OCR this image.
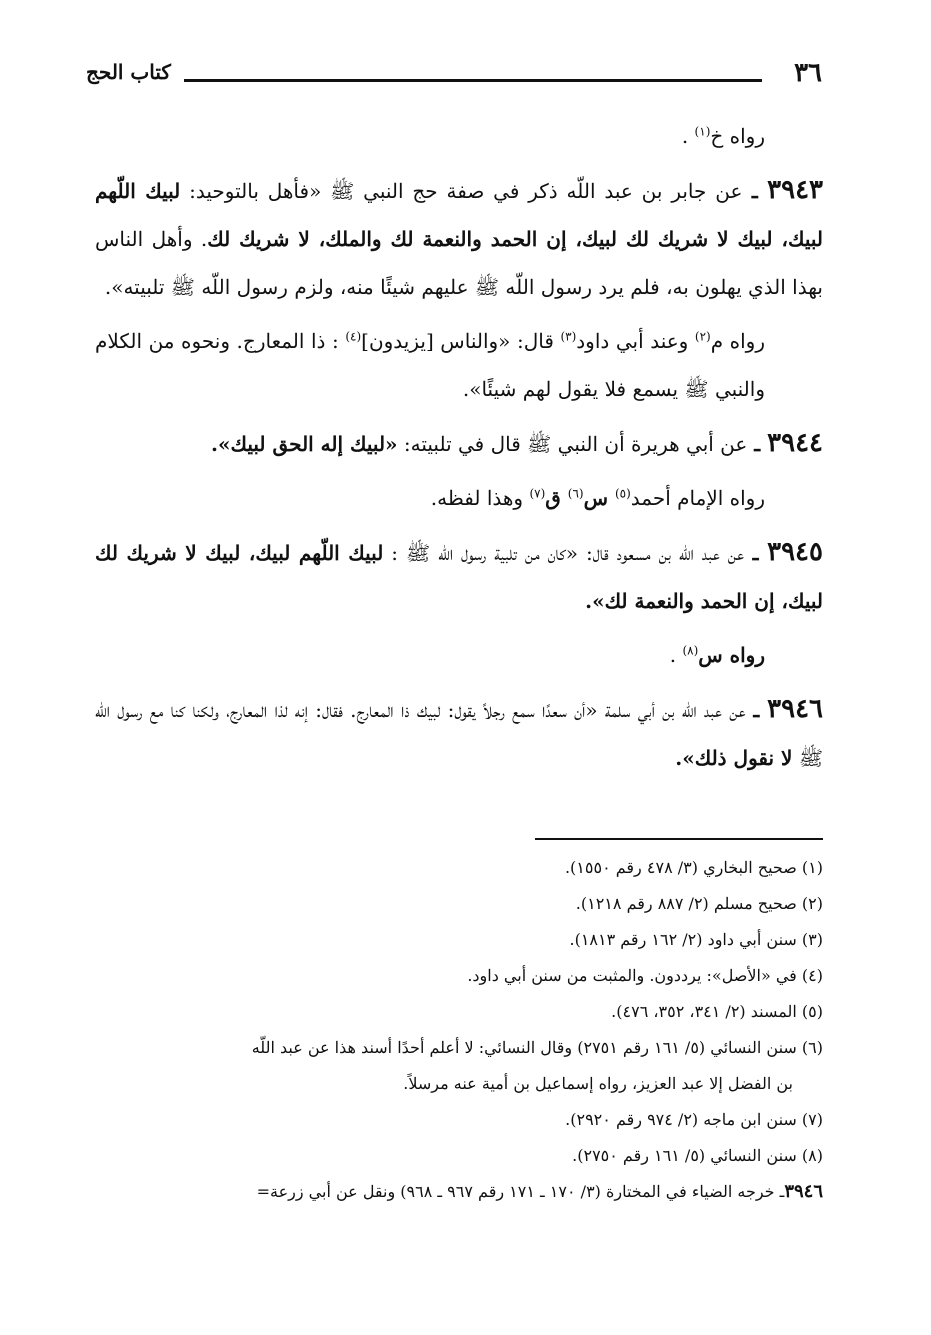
٣٦
كتاب الحج

رواه خ$^{(١)}$ .

٣٩٤٣ ـ عن جابر بن عبد اللّه ذكر في صفة حج النبي ﷺ «فأهل بالتوحيد: لبيك اللّهم لبيك، لبيك لا شريك لك لبيك، إن الحمد والنعمة لك والملك، لا شريك لك. وأهل الناس بهذا الذي يهلون به، فلم يرد رسول اللّه ﷺ عليهم شيئًا منه، ولزم رسول اللّه ﷺ تلبيته».

رواه م$^{(٢)}$ وعند أبي داود$^{(٣)}$ قال: «والناس [يزيدون]$^{(٤)}$ : ذا المعارج. ونحوه من الكلام والنبي ﷺ يسمع فلا يقول لهم شيئًا».

٣٩٤٤ ـ عن أبي هريرة أن النبي ﷺ قال في تلبيته: «لبيك إله الحق لبيك».

رواه الإمام أحمد$^{(٥)}$ س$^{(٦)}$ ق$^{(٧)}$ وهذا لفظه.

٣٩٤٥ ـ عن عبد اللّه بن مسعود قال: «كان من تلبية رسول اللّه ﷺ : لبيك اللّهم لبيك، لبيك لا شريك لك لبيك، إن الحمد والنعمة لك».

رواه س$^{(٨)}$ .

٣٩٤٦ ـ عن عبد اللّه بن أبي سلمة «أن سعدًا سمع رجلاً يقول: لبيك ذا المعارج. فقال: إنه لذا المعارج، ولكنا كنا مع رسول اللّه ﷺ لا نقول ذلك».

(١) صحيح البخاري (٣/ ٤٧٨ رقم ١٥٥٠).

(٢) صحيح مسلم (٢/ ٨٨٧ رقم ١٢١٨).

(٣) سنن أبي داود (٢/ ١٦٢ رقم ١٨١٣).

(٤) في «الأصل»: يرددون. والمثبت من سنن أبي داود.

(٥) المسند (٢/ ٣٤١، ٣٥٢، ٤٧٦).

(٦) سنن النسائي (٥/ ١٦١ رقم ٢٧٥١) وقال النسائي: لا أعلم أحدًا أسند هذا عن عبد اللّه

بن الفضل إلا عبد العزيز، رواه إسماعيل بن أمية عنه مرسلاً.

(٧) سنن ابن ماجه (٢/ ٩٧٤ رقم ٢٩٢٠).

(٨) سنن النسائي (٥/ ١٦١ رقم ٢٧٥٠).

٣٩٤٦ـ خرجه الضياء في المختارة (٣/ ١٧٠ ـ ١٧١ رقم ٩٦٧ ـ ٩٦٨) ونقل عن أبي زرعة=
